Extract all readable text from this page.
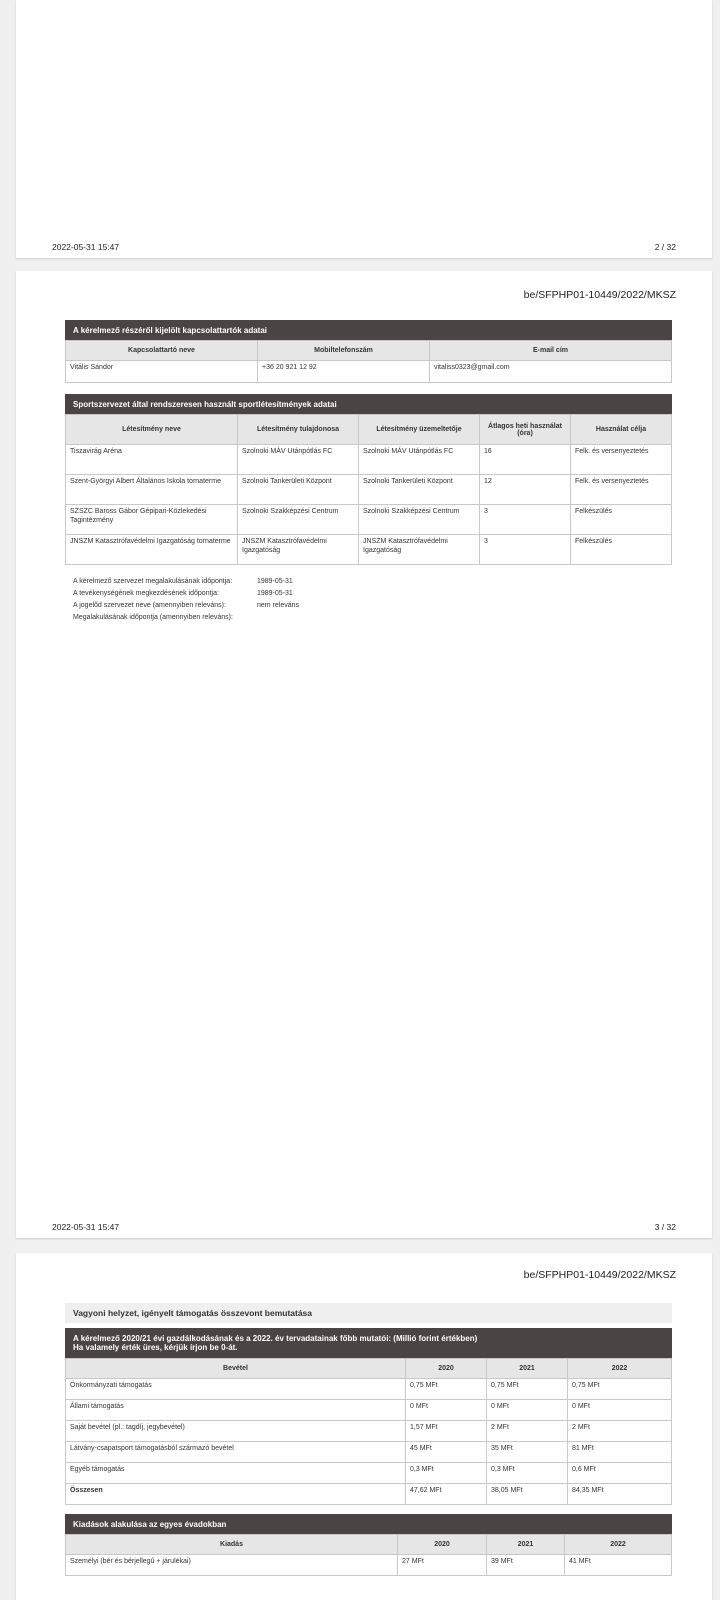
2022-05-31 15:47	2 / 32
be/SFPHP01-10449/2022/MKSZ
A kérelmező részéről kijelölt kapcsolattartók adatai
Kapcsolattartó neve	Mobiltelefonszám	E-mail cím
Vitális Sándor	+36 20 921 12 92	vitaliss0323@gmail.com
Sportszervezet által rendszeresen használt sportlétesítmények adatai
Létesítmény neve	Létesítmény tulajdonosa	Létesítmény üzemeltetője	Átlagos heti használat (óra)	Használat célja
Tiszavirág Aréna	Szolnoki MÁV Utánpótlás FC	Szolnoki MÁV Utánpótlás FC	16	Felk. és versenyeztetés
Szent-Györgyi Albert Általános Iskola tornaterme	Szolnoki Tankerületi Központ	Szolnoki Tankerületi Központ	12	Felk. és versenyeztetés
SZSZC Baross Gábor Gépipari-Közlekedési Tagintézmény	Szolnoki Szakképzési Centrum	Szolnoki Szakképzési Centrum	3	Felkészülés
JNSZM Katasztrófavédelmi Igazgatóság tornaterme	JNSZM Katasztrófavédelmi Igazgatóság	JNSZM Katasztrófavédelmi Igazgatóság	3	Felkészülés
A kérelmező szervezet megalakulásának időpontja:	1989-05-31
A tevékenységének megkezdésének időpontja:	1989-05-31
A jogelőd szervezet neve (amennyiben releváns):	nem releváns
Megalakulásának időpontja (amennyiben releváns):
2022-05-31 15:47	3 / 32
be/SFPHP01-10449/2022/MKSZ
Vagyoni helyzet, igényelt támogatás összevont bemutatása
A kérelmező 2020/21 évi gazdálkodásának és a 2022. év tervadatainak főbb mutatói: (Millió forint értékben)
Ha valamely érték üres, kérjük írjon be 0-át.
Bevétel	2020	2021	2022
Önkormányzati támogatás	0,75 MFt	0,75 MFt	0,75 MFt
Állami támogatás	0 MFt	0 MFt	0 MFt
Saját bevétel (pl.: tagdíj, jegybevétel)	1,57 MFt	2 MFt	2 MFt
Látvány-csapatsport támogatásból származó bevétel	45 MFt	35 MFt	81 MFt
Egyéb támogatás	0,3 MFt	0,3 MFt	0,6 MFt
Összesen	47,62 MFt	38,05 MFt	84,35 MFt
Kiadások alakulása az egyes évadokban
Kiadás	2020	2021	2022
Személyi (bér és bérjellegű + járulékai)	27 MFt	39 MFt	41 MFt
